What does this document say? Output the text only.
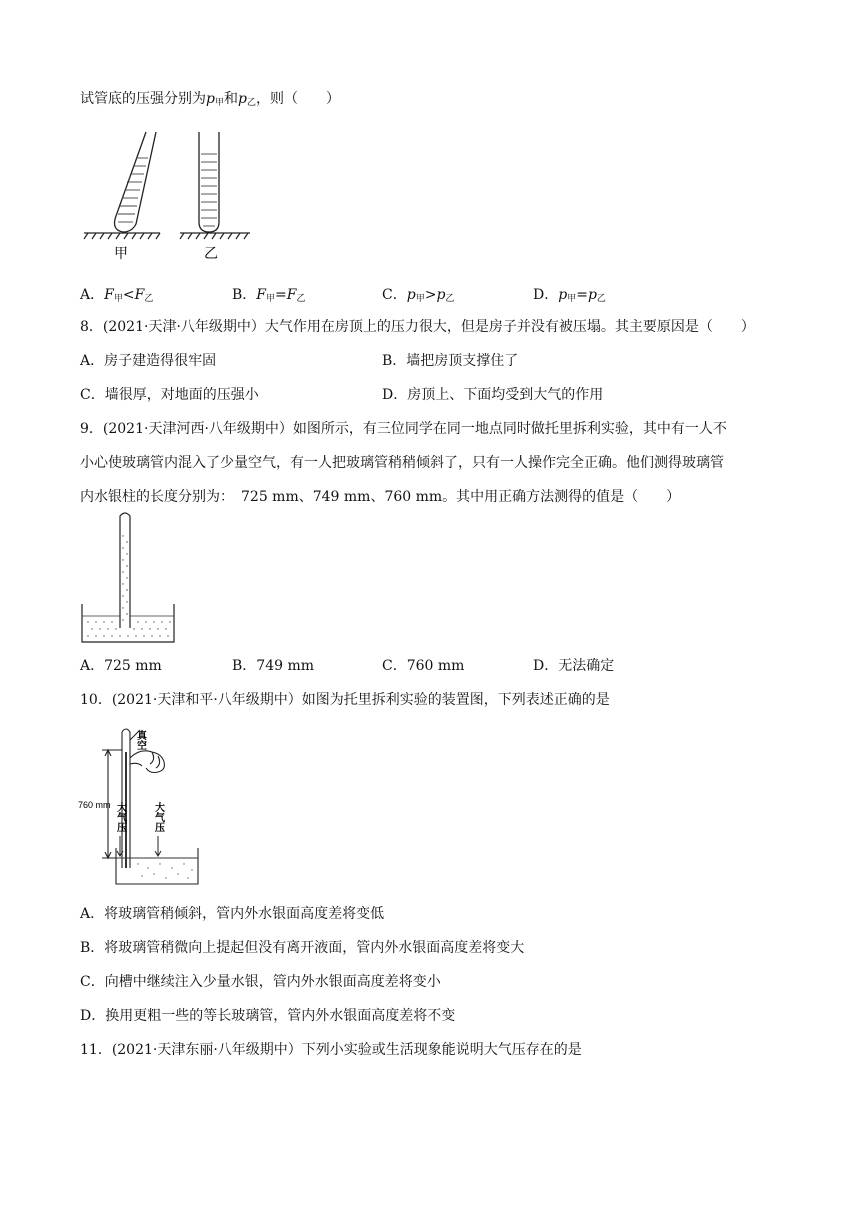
试管底的压强分别为$p_甲$和$p_乙$，则（　　）
甲	乙
A．$F_甲<F_乙$	B．$F_甲=F_乙$	C．$p_甲>p_乙$	D．$p_甲=p_乙$
8．(2021·天津·八年级期中）大气作用在房顶上的压力很大，但是房子并没有被压塌。其主要原因是（　　）
A．房子建造得很牢固	B．墙把房顶支撑住了
C．墙很厚，对地面的压强小	D．房顶上、下面均受到大气的作用
9．(2021·天津河西·八年级期中）如图所示，有三位同学在同一地点同时做托里拆利实验，其中有一人不
小心使玻璃管内混入了少量空气，有一人把玻璃管稍稍倾斜了，只有一人操作完全正确。他们测得玻璃管
内水银柱的长度分别为：　725 mm、749 mm、760 mm。其中用正确方法测得的值是（　　）
A．725 mm	B．749 mm	C．760 mm	D．无法确定
10．(2021·天津和平·八年级期中）如图为托里拆利实验的装置图，下列表述正确的是
真空
760 mm 大气压	大气压
A．将玻璃管稍倾斜，管内外水银面高度差将变低
B．将玻璃管稍微向上提起但没有离开液面，管内外水银面高度差将变大
C．向槽中继续注入少量水银，管内外水银面高度差将变小
D．换用更粗一些的等长玻璃管，管内外水银面高度差将不变
11．(2021·天津东丽·八年级期中）下列小实验或生活现象能说明大气压存在的是
